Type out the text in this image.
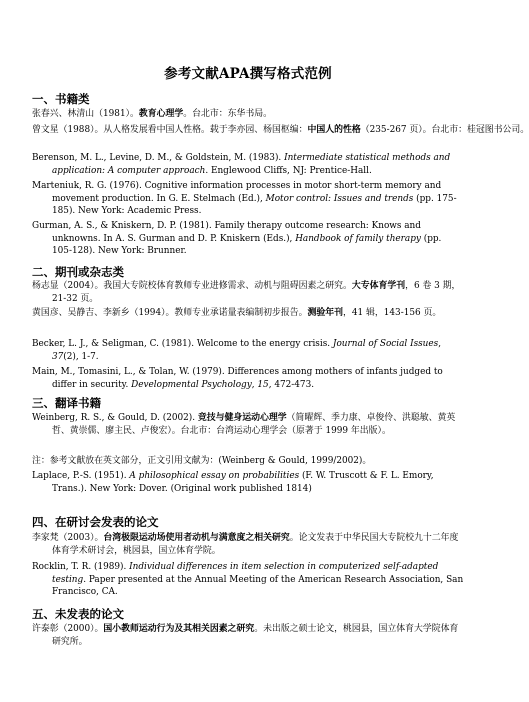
参考文献APA撰写格式范例
一、书籍类
张春兴、林清山（1981）。教育心理学。台北市：东华书局。
曾文星（1988）。从人格发展看中国人性格。载于李亦园、杨国枢编：中国人的性格（235-267 页）。台北市：桂冠图书公司。
Berenson, M. L., Levine, D. M., & Goldstein, M. (1983). Intermediate statistical methods and application: A computer approach. Englewood Cliffs, NJ: Prentice-Hall.
Marteniuk, R. G. (1976). Cognitive information processes in motor short-term memory and movement production. In G. E. Stelmach (Ed.), Motor control: Issues and trends (pp. 175-185). New York: Academic Press.
Gurman, A. S., & Kniskern, D. P. (1981). Family therapy outcome research: Knows and unknowns. In A. S. Gurman and D. P. Kniskern (Eds.), Handbook of family therapy (pp. 105-128). New York: Brunner.
二、期刊或杂志类
杨志显（2004）。我国大专院校体育教师专业进修需求、动机与阻碍因素之研究。大专体育学刊，6 卷 3 期，21-32 页。
黄国彦、吴静吉、李新乡（1994）。教师专业承诺量表编制初步报告。测验年刊，41 辑，143-156 页。
Becker, L. J., & Seligman, C. (1981). Welcome to the energy crisis. Journal of Social Issues, 37(2), 1-7.
Main, M., Tomasini, L., & Tolan, W. (1979). Differences among mothers of infants judged to differ in security. Developmental Psychology, 15, 472-473.
三、翻译书籍
Weinberg, R. S., & Gould, D. (2002). 竞技与健身运动心理学（简曜辉、季力康、卓俊伶、洪聪敏、黄英哲、黄崇儒、廖主民、卢俊宏）。台北市：台湾运动心理学会（原著于 1999 年出版）。
注：参考文献放在英文部分，正文引用文献为：(Weinberg & Gould, 1999/2002)。
Laplace, P.-S. (1951). A philosophical essay on probabilities (F. W. Truscott & F. L. Emory, Trans.). New York: Dover. (Original work published 1814)
四、在研讨会发表的论文
李家梵（2003）。台湾极限运动场使用者动机与满意度之相关研究。论文发表于中华民国大专院校九十二年度体育学术研讨会，桃园县，国立体育学院。
Rocklin, T. R. (1989). Individual differences in item selection in computerized self-adapted testing. Paper presented at the Annual Meeting of the American Research Association, San Francisco, CA.
五、未发表的论文
许泰彰（2000）。国小教师运动行为及其相关因素之研究。未出版之硕士论文，桃园县，国立体育大学院体育研究所。
